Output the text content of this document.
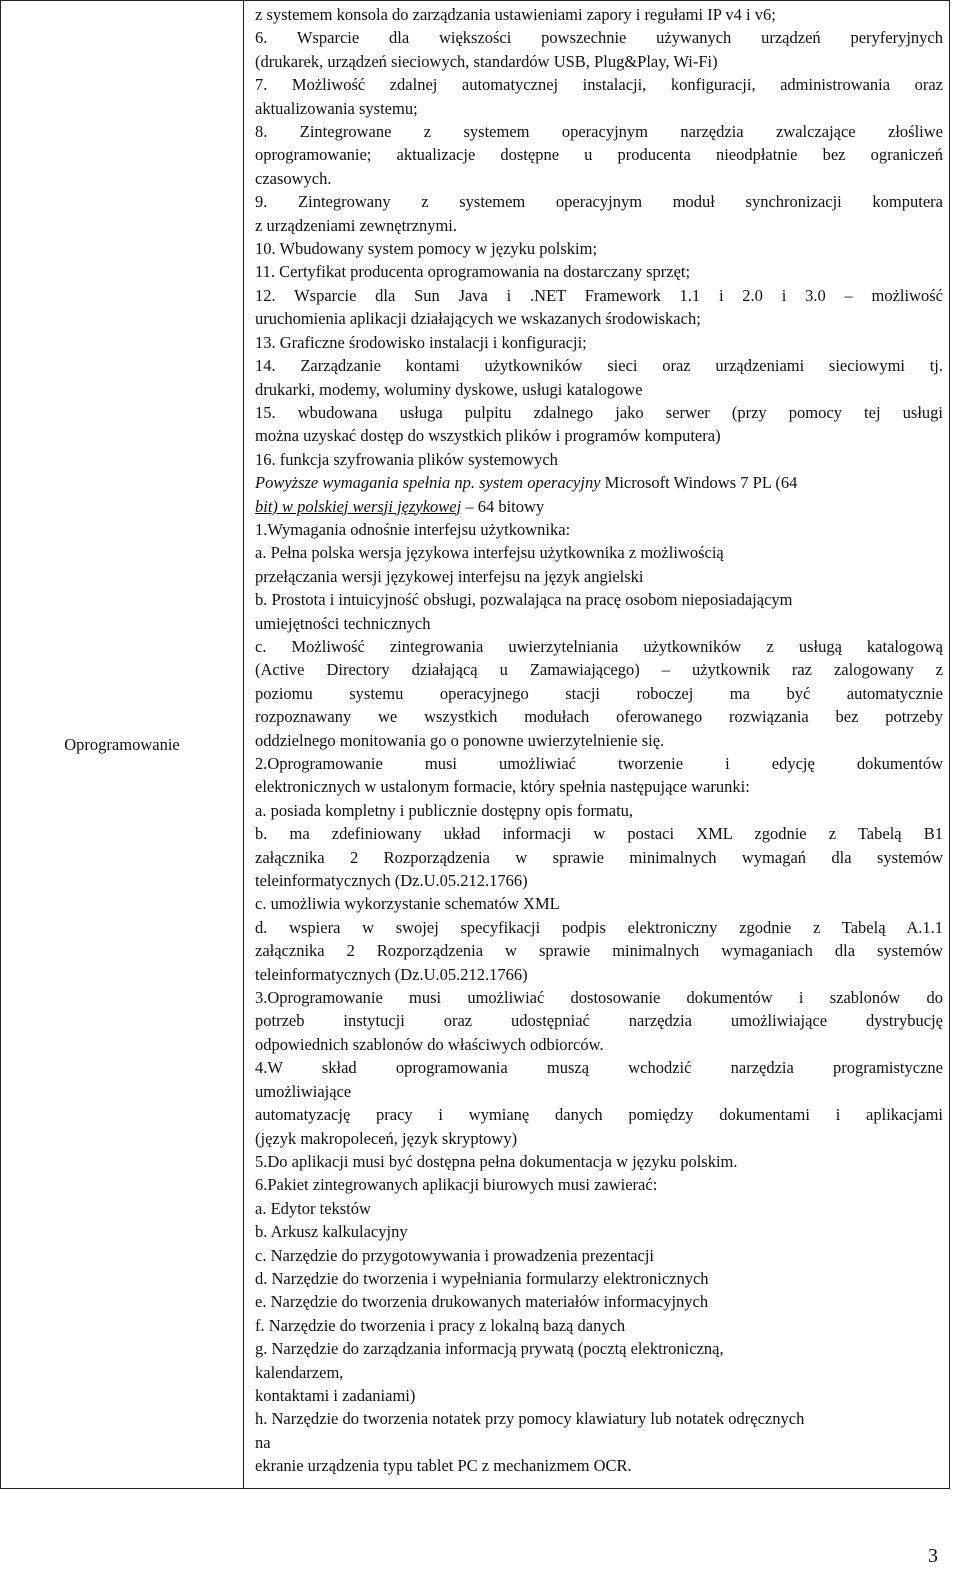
Oprogramowanie	
z systemem konsola do zarządzania ustawieniami zapory i regułami IP v4 i v6;
6. Wsparcie dla większości powszechnie używanych urządzeń peryferyjnych
(drukarek, urządzeń sieciowych, standardów USB, Plug&Play, Wi-Fi)
7. Możliwość zdalnej automatycznej instalacji, konfiguracji, administrowania oraz
aktualizowania systemu;
8. Zintegrowane z systemem operacyjnym narzędzia zwalczające złośliwe
oprogramowanie; aktualizacje dostępne u producenta nieodpłatnie bez ograniczeń
czasowych.
9. Zintegrowany z systemem operacyjnym moduł synchronizacji komputera
z urządzeniami zewnętrznymi.
10. Wbudowany system pomocy w języku polskim;
11. Certyfikat producenta oprogramowania na dostarczany sprzęt;
12. Wsparcie dla Sun Java i .NET Framework 1.1 i 2.0 i 3.0 – możliwość
uruchomienia aplikacji działających we wskazanych środowiskach;
13. Graficzne środowisko instalacji i konfiguracji;
14. Zarządzanie kontami użytkowników sieci oraz urządzeniami sieciowymi tj.
drukarki, modemy, woluminy dyskowe, usługi katalogowe
15. wbudowana usługa pulpitu zdalnego jako serwer (przy pomocy tej usługi
można uzyskać dostęp do wszystkich plików i programów komputera)
16. funkcja szyfrowania plików systemowych
Powyższe wymagania spełnia np. system operacyjny Microsoft Windows 7 PL (64
bit) w polskiej wersji językowej – 64 bitowy
1.Wymagania odnośnie interfejsu użytkownika:
a. Pełna polska wersja językowa interfejsu użytkownika z możliwością
przełączania wersji językowej interfejsu na język angielski
b. Prostota i intuicyjność obsługi, pozwalająca na pracę osobom nieposiadającym
umiejętności technicznych
c. Możliwość zintegrowania uwierzytelniania użytkowników z usługą katalogową
(Active Directory działającą u Zamawiającego) – użytkownik raz zalogowany z
poziomu systemu operacyjnego stacji roboczej ma być automatycznie
rozpoznawany we wszystkich modułach oferowanego rozwiązania bez potrzeby
oddzielnego monitowania go o ponowne uwierzytelnienie się.
2.Oprogramowanie musi umożliwiać tworzenie i edycję dokumentów
elektronicznych w ustalonym formacie, który spełnia następujące warunki:
a. posiada kompletny i publicznie dostępny opis formatu,
b. ma zdefiniowany układ informacji w postaci XML zgodnie z Tabelą B1
załącznika 2 Rozporządzenia w sprawie minimalnych wymagań dla systemów
teleinformatycznych (Dz.U.05.212.1766)
c. umożliwia wykorzystanie schematów XML
d. wspiera w swojej specyfikacji podpis elektroniczny zgodnie z Tabelą A.1.1
załącznika 2 Rozporządzenia w sprawie minimalnych wymaganiach dla systemów
teleinformatycznych (Dz.U.05.212.1766)
3.Oprogramowanie musi umożliwiać dostosowanie dokumentów i szablonów do
potrzeb instytucji oraz udostępniać narzędzia umożliwiające dystrybucję
odpowiednich szablonów do właściwych odbiorców.
4.W skład oprogramowania muszą wchodzić narzędzia programistyczne
umożliwiające
automatyzację pracy i wymianę danych pomiędzy dokumentami i aplikacjami
(język makropoleceń, język skryptowy)
5.Do aplikacji musi być dostępna pełna dokumentacja w języku polskim.
6.Pakiet zintegrowanych aplikacji biurowych musi zawierać:
a. Edytor tekstów
b. Arkusz kalkulacyjny
c. Narzędzie do przygotowywania i prowadzenia prezentacji
d. Narzędzie do tworzenia i wypełniania formularzy elektronicznych
e. Narzędzie do tworzenia drukowanych materiałów informacyjnych
f. Narzędzie do tworzenia i pracy z lokalną bazą danych
g. Narzędzie do zarządzania informacją prywatą (pocztą elektroniczną,
kalendarzem,
kontaktami i zadaniami)
h. Narzędzie do tworzenia notatek przy pomocy klawiatury lub notatek odręcznych
na
ekranie urządzenia typu tablet PC z mechanizmem OCR.
3
